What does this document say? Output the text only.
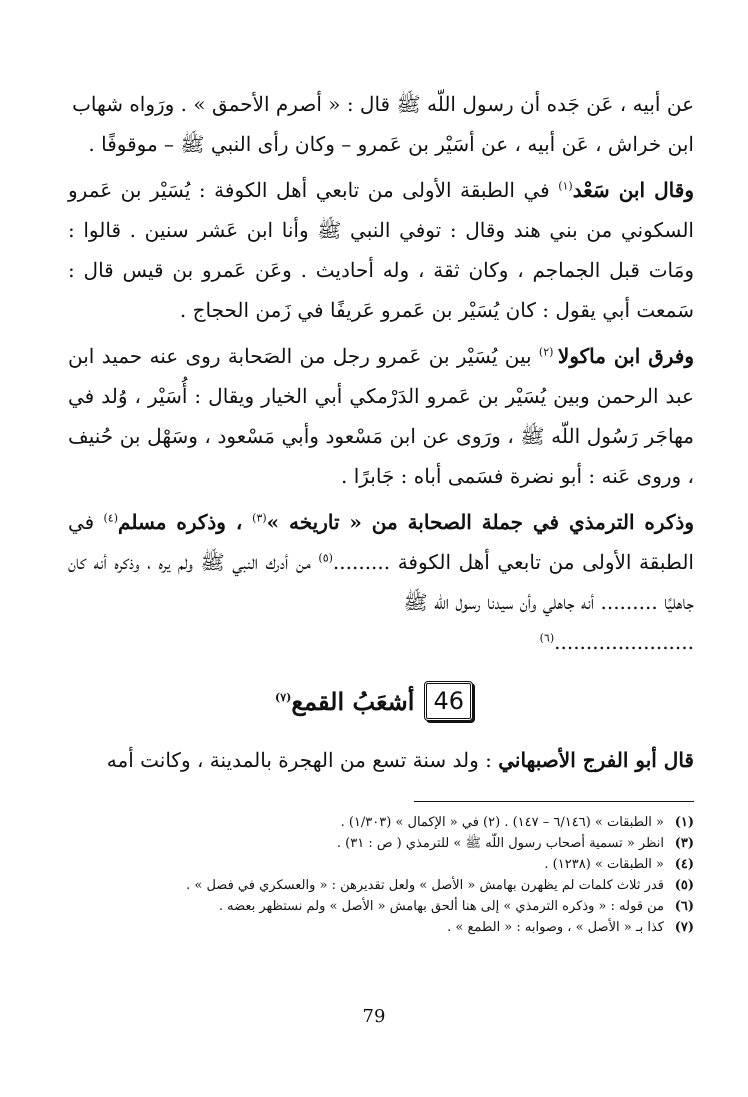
عن أبيه ، عَن جَده أن رسول اللّه ﷺ قال : « أصرم الأحمق » . ورَواه شهاب
ابن خراش ، عَن أبيه ، عن أسَيْر بن عَمرو – وكان رأى النبي ﷺ – موقوفًا .

وقال ابن سَعْد$^{(١)}$ في الطبقة الأولى من تابعي أهل الكوفة : يُسَيْر بن عَمرو السكوني من بني هند وقال : توفي النبي ﷺ وأنا ابن عَشر سنين . قالوا : ومَات قبل الجماجم ، وكان ثقة ، وله أحاديث . وعَن عَمرو بن قيس قال : سَمعت أبي يقول : كان يُسَيْر بن عَمرو عَريفًا في زَمن الحجاج .

وفرق ابن ماكولا $^{(٢)}$ بين يُسَيْر بن عَمرو رجل من الصَحابة روى عنه حميد ابن عبد الرحمن وبين يُسَيْر بن عَمرو الدَرْمكي أبي الخيار ويقال : أُسَيْر ، وُلد في مهاجَر رَسُول اللّه ﷺ ، ورَوى عن ابن مَسْعود وأبي مَسْعود ، وسَهْل بن حُنيف ، وروى عَنه : أبو نضرة فسَمى أباه : جَابرًا .

وذكره الترمذي في جملة الصحابة من « تاريخه »$^{(٣)}$ ، وذكره مسلم$^{(٤)}$ في الطبقة الأولى من تابعي أهل الكوفة .........$^{(٥)}$ من أدرك النبي ﷺ ولم يره ، وذكره أنه كان جاهليًا ......... أنه جاهلي وأن سيدنا رسول اللّه ﷺ

......................$^{(٦)}$

46
أشعَبُ القمع$^{(٧)}$
قال أبو الفرج الأصبهاني : ولد سنة تسع من الهجرة بالمدينة ، وكانت أمه
(١)
« الطبقات » (٦/١٤٦ – ١٤٧) . (٢) في « الإكمال » (١/٣٠٣) .
(٣)
انظر « تسمية أصحاب رسول اللّه ﷺ » للترمذي ( ص : ٣١) .
(٤)
« الطبقات » (١٢٣٨) .
(٥)
قدر ثلاث كلمات لم يظهرن بهامش « الأصل » ولعل تقديرهن : « والعسكري في فصل » .
(٦)
من قوله : « وذكره الترمذي » إلى هنا ألحق بهامش « الأصل » ولم نستظهر بعضه .
(٧)
كذا بـ « الأصل » ، وصوابه : « الطمع » .
79
